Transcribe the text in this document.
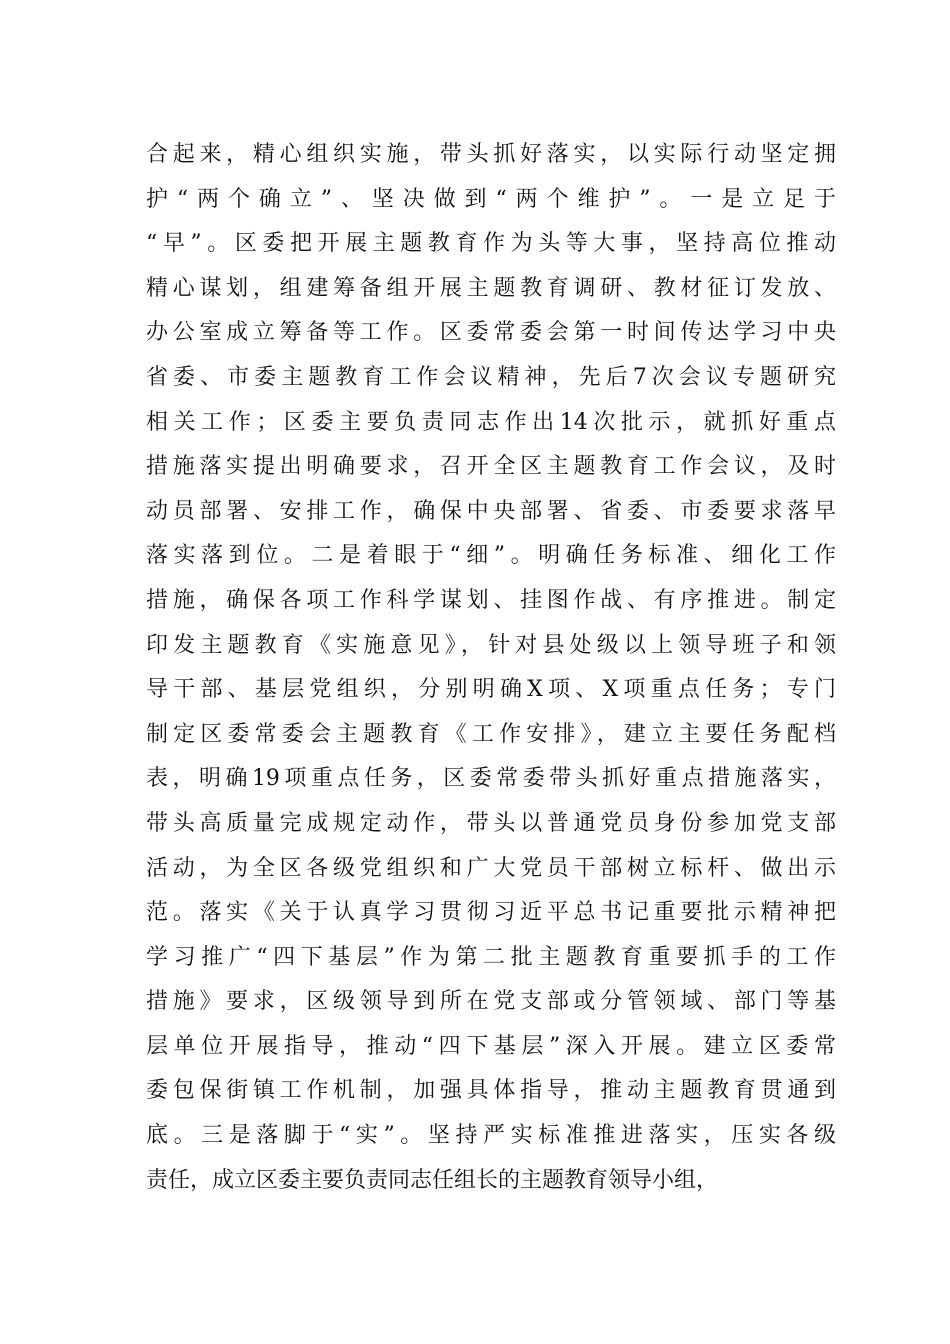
合起来，精心组织实施，带头抓好落实，以实际行动坚定拥
护“两个确立”、坚决做到“两个维护”。一是立足于
“早”。区委把开展主题教育作为头等大事，坚持高位推动
精心谋划，组建筹备组开展主题教育调研、教材征订发放、
办公室成立筹备等工作。区委常委会第一时间传达学习中央
省委、市委主题教育工作会议精神，先后7次会议专题研究
相关工作；区委主要负责同志作出14次批示，就抓好重点
措施落实提出明确要求，召开全区主题教育工作会议，及时
动员部署、安排工作，确保中央部署、省委、市委要求落早
落实落到位。二是着眼于“细”。明确任务标准、细化工作
措施，确保各项工作科学谋划、挂图作战、有序推进。制定
印发主题教育《实施意见》，针对县处级以上领导班子和领
导干部、基层党组织，分别明确X项、X项重点任务；专门
制定区委常委会主题教育《工作安排》，建立主要任务配档
表，明确19项重点任务，区委常委带头抓好重点措施落实，
带头高质量完成规定动作，带头以普通党员身份参加党支部
活动，为全区各级党组织和广大党员干部树立标杆、做出示
范。落实《关于认真学习贯彻习近平总书记重要批示精神把
学习推广“四下基层”作为第二批主题教育重要抓手的工作
措施》要求，区级领导到所在党支部或分管领域、部门等基
层单位开展指导，推动“四下基层”深入开展。建立区委常
委包保街镇工作机制，加强具体指导，推动主题教育贯通到
底。三是落脚于“实”。坚持严实标准推进落实，压实各级
责任，成立区委主要负责同志任组长的主题教育领导小组，
